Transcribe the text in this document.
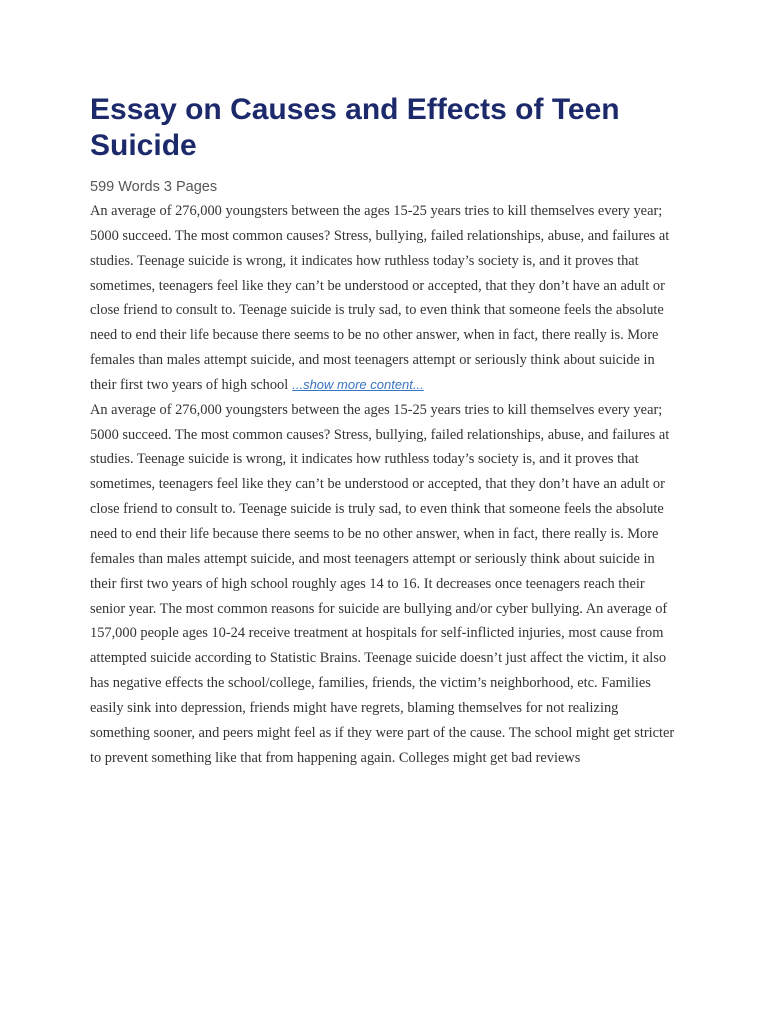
Essay on Causes and Effects of Teen Suicide
599 Words 3 Pages

An average of 276,000 youngsters between the ages 15-25 years tries to kill themselves every year; 5000 succeed. The most common causes? Stress, bullying, failed relationships, abuse, and failures at studies. Teenage suicide is wrong, it indicates how ruthless today’s society is, and it proves that sometimes, teenagers feel like they can’t be understood or accepted, that they don’t have an adult or close friend to consult to. Teenage suicide is truly sad, to even think that someone feels the absolute need to end their life because there seems to be no other answer, when in fact, there really is. More females than males attempt suicide, and most teenagers attempt or seriously think about suicide in their first two years of high school ...show more content...

An average of 276,000 youngsters between the ages 15-25 years tries to kill themselves every year; 5000 succeed. The most common causes? Stress, bullying, failed relationships, abuse, and failures at studies. Teenage suicide is wrong, it indicates how ruthless today’s society is, and it proves that sometimes, teenagers feel like they can’t be understood or accepted, that they don’t have an adult or close friend to consult to. Teenage suicide is truly sad, to even think that someone feels the absolute need to end their life because there seems to be no other answer, when in fact, there really is. More females than males attempt suicide, and most teenagers attempt or seriously think about suicide in their first two years of high school roughly ages 14 to 16. It decreases once teenagers reach their senior year. The most common reasons for suicide are bullying and/or cyber bullying. An average of 157,000 people ages 10-24 receive treatment at hospitals for self-inflicted injuries, most cause from attempted suicide according to Statistic Brains. Teenage suicide doesn’t just affect the victim, it also has negative effects the school/college, families, friends, the victim’s neighborhood, etc. Families easily sink into depression, friends might have regrets, blaming themselves for not realizing something sooner, and peers might feel as if they were part of the cause. The school might get stricter to prevent something like that from happening again. Colleges might get bad reviews
